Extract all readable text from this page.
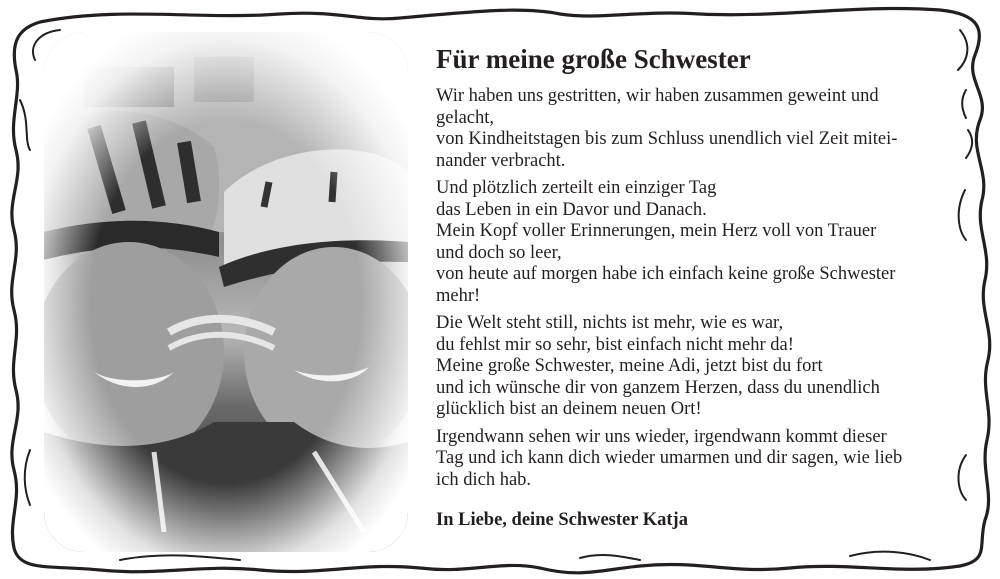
Für meine große Schwester

Wir haben uns gestritten, wir haben zusammen geweint und
gelacht,
von Kindheitstagen bis zum Schluss unendlich viel Zeit mitei-
nander verbracht.

Und plötzlich zerteilt ein einziger Tag
das Leben in ein Davor und Danach.
Mein Kopf voller Erinnerungen, mein Herz voll von Trauer
und doch so leer,
von heute auf morgen habe ich einfach keine große Schwester
mehr!

Die Welt steht still, nichts ist mehr, wie es war,
du fehlst mir so sehr, bist einfach nicht mehr da!
Meine große Schwester, meine Adi, jetzt bist du fort
und ich wünsche dir von ganzem Herzen, dass du unendlich
glücklich bist an deinem neuen Ort!

Irgendwann sehen wir uns wieder, irgendwann kommt dieser
Tag und ich kann dich wieder umarmen und dir sagen, wie lieb
ich dich hab.

In Liebe, deine Schwester Katja
